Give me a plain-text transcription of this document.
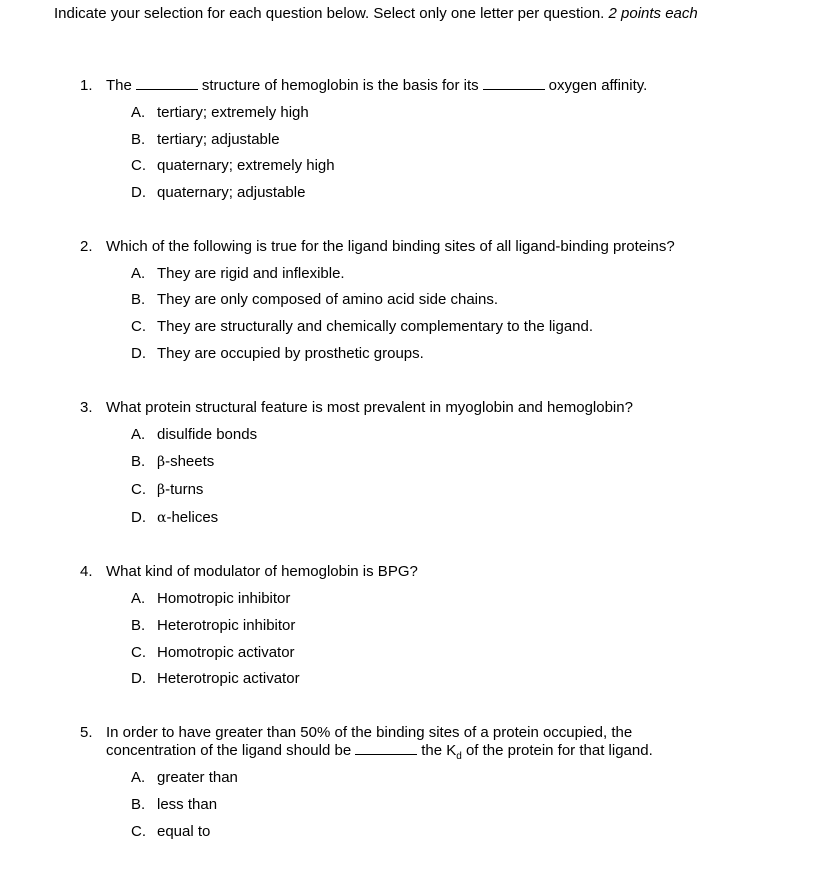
Indicate your selection for each question below. Select only one letter per question. 2 points each
1. The	structure of hemoglobin is the basis for its	oxygen affinity.
A. tertiary; extremely high
B. tertiary; adjustable
C. quaternary; extremely high
D. quaternary; adjustable
2. Which of the following is true for the ligand binding sites of all ligand-binding proteins?
A. They are rigid and inflexible.
B. They are only composed of amino acid side chains.
C. They are structurally and chemically complementary to the ligand.
D. They are occupied by prosthetic groups.
3. What protein structural feature is most prevalent in myoglobin and hemoglobin?
A. disulfide bonds
B. β-sheets
C. β-turns
D. α-helices
4. What kind of modulator of hemoglobin is BPG?
A. Homotropic inhibitor
B. Heterotropic inhibitor
C. Homotropic activator
D. Heterotropic activator
5. In order to have greater than 50% of the binding sites of a protein occupied, the
concentration of the ligand should be	the $K_d$ of the protein for that ligand.
A. greater than
B. less than
C. equal to
